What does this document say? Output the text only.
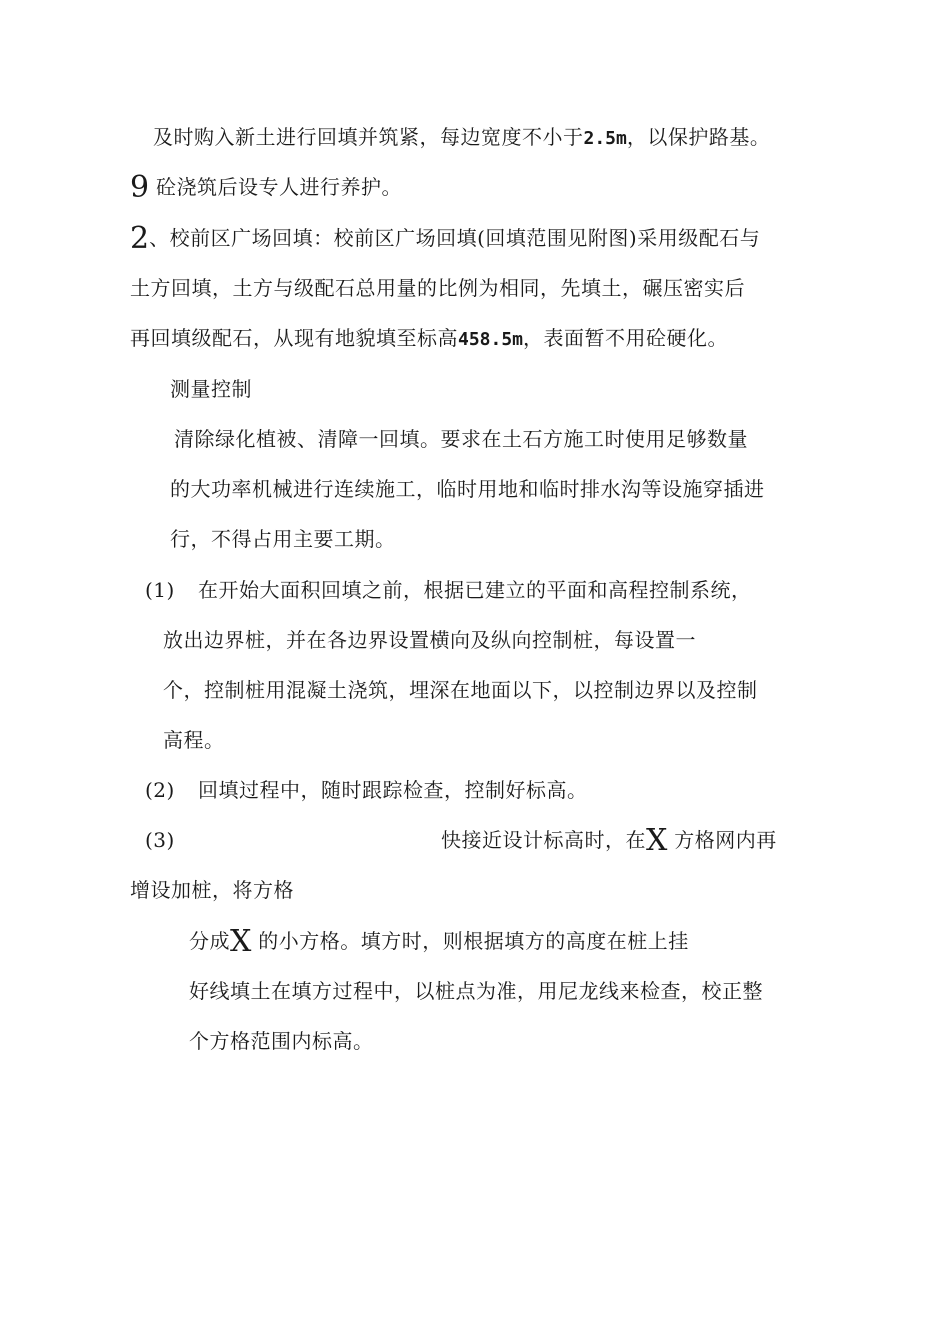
及时购入新土进行回填并筑紧，每边宽度不小于2.5m，以保护路基。
9 砼浇筑后设专人进行养护。
2、校前区广场回填：校前区广场回填(回填范围见附图)采用级配石与
土方回填，土方与级配石总用量的比例为相同，先填土，碾压密实后
再回填级配石，从现有地貌填至标高458.5m，表面暂不用砼硬化。
测量控制
清除绿化植被、清障一回填。要求在土石方施工时使用足够数量
的大功率机械进行连续施工，临时用地和临时排水沟等设施穿插进
行，不得占用主要工期。
(1) 在开始大面积回填之前，根据已建立的平面和高程控制系统，
放出边界桩，并在各边界设置横向及纵向控制桩，每设置一
个，控制桩用混凝土浇筑，埋深在地面以下，以控制边界以及控制
高程。
(2) 回填过程中，随时跟踪检查，控制好标高。
(3)	快接近设计标高时，在X 方格网内再
增设加桩，将方格
分成X 的小方格。填方时，则根据填方的高度在桩上挂
好线填土在填方过程中，以桩点为准，用尼龙线来检查，校正整
个方格范围内标高。
